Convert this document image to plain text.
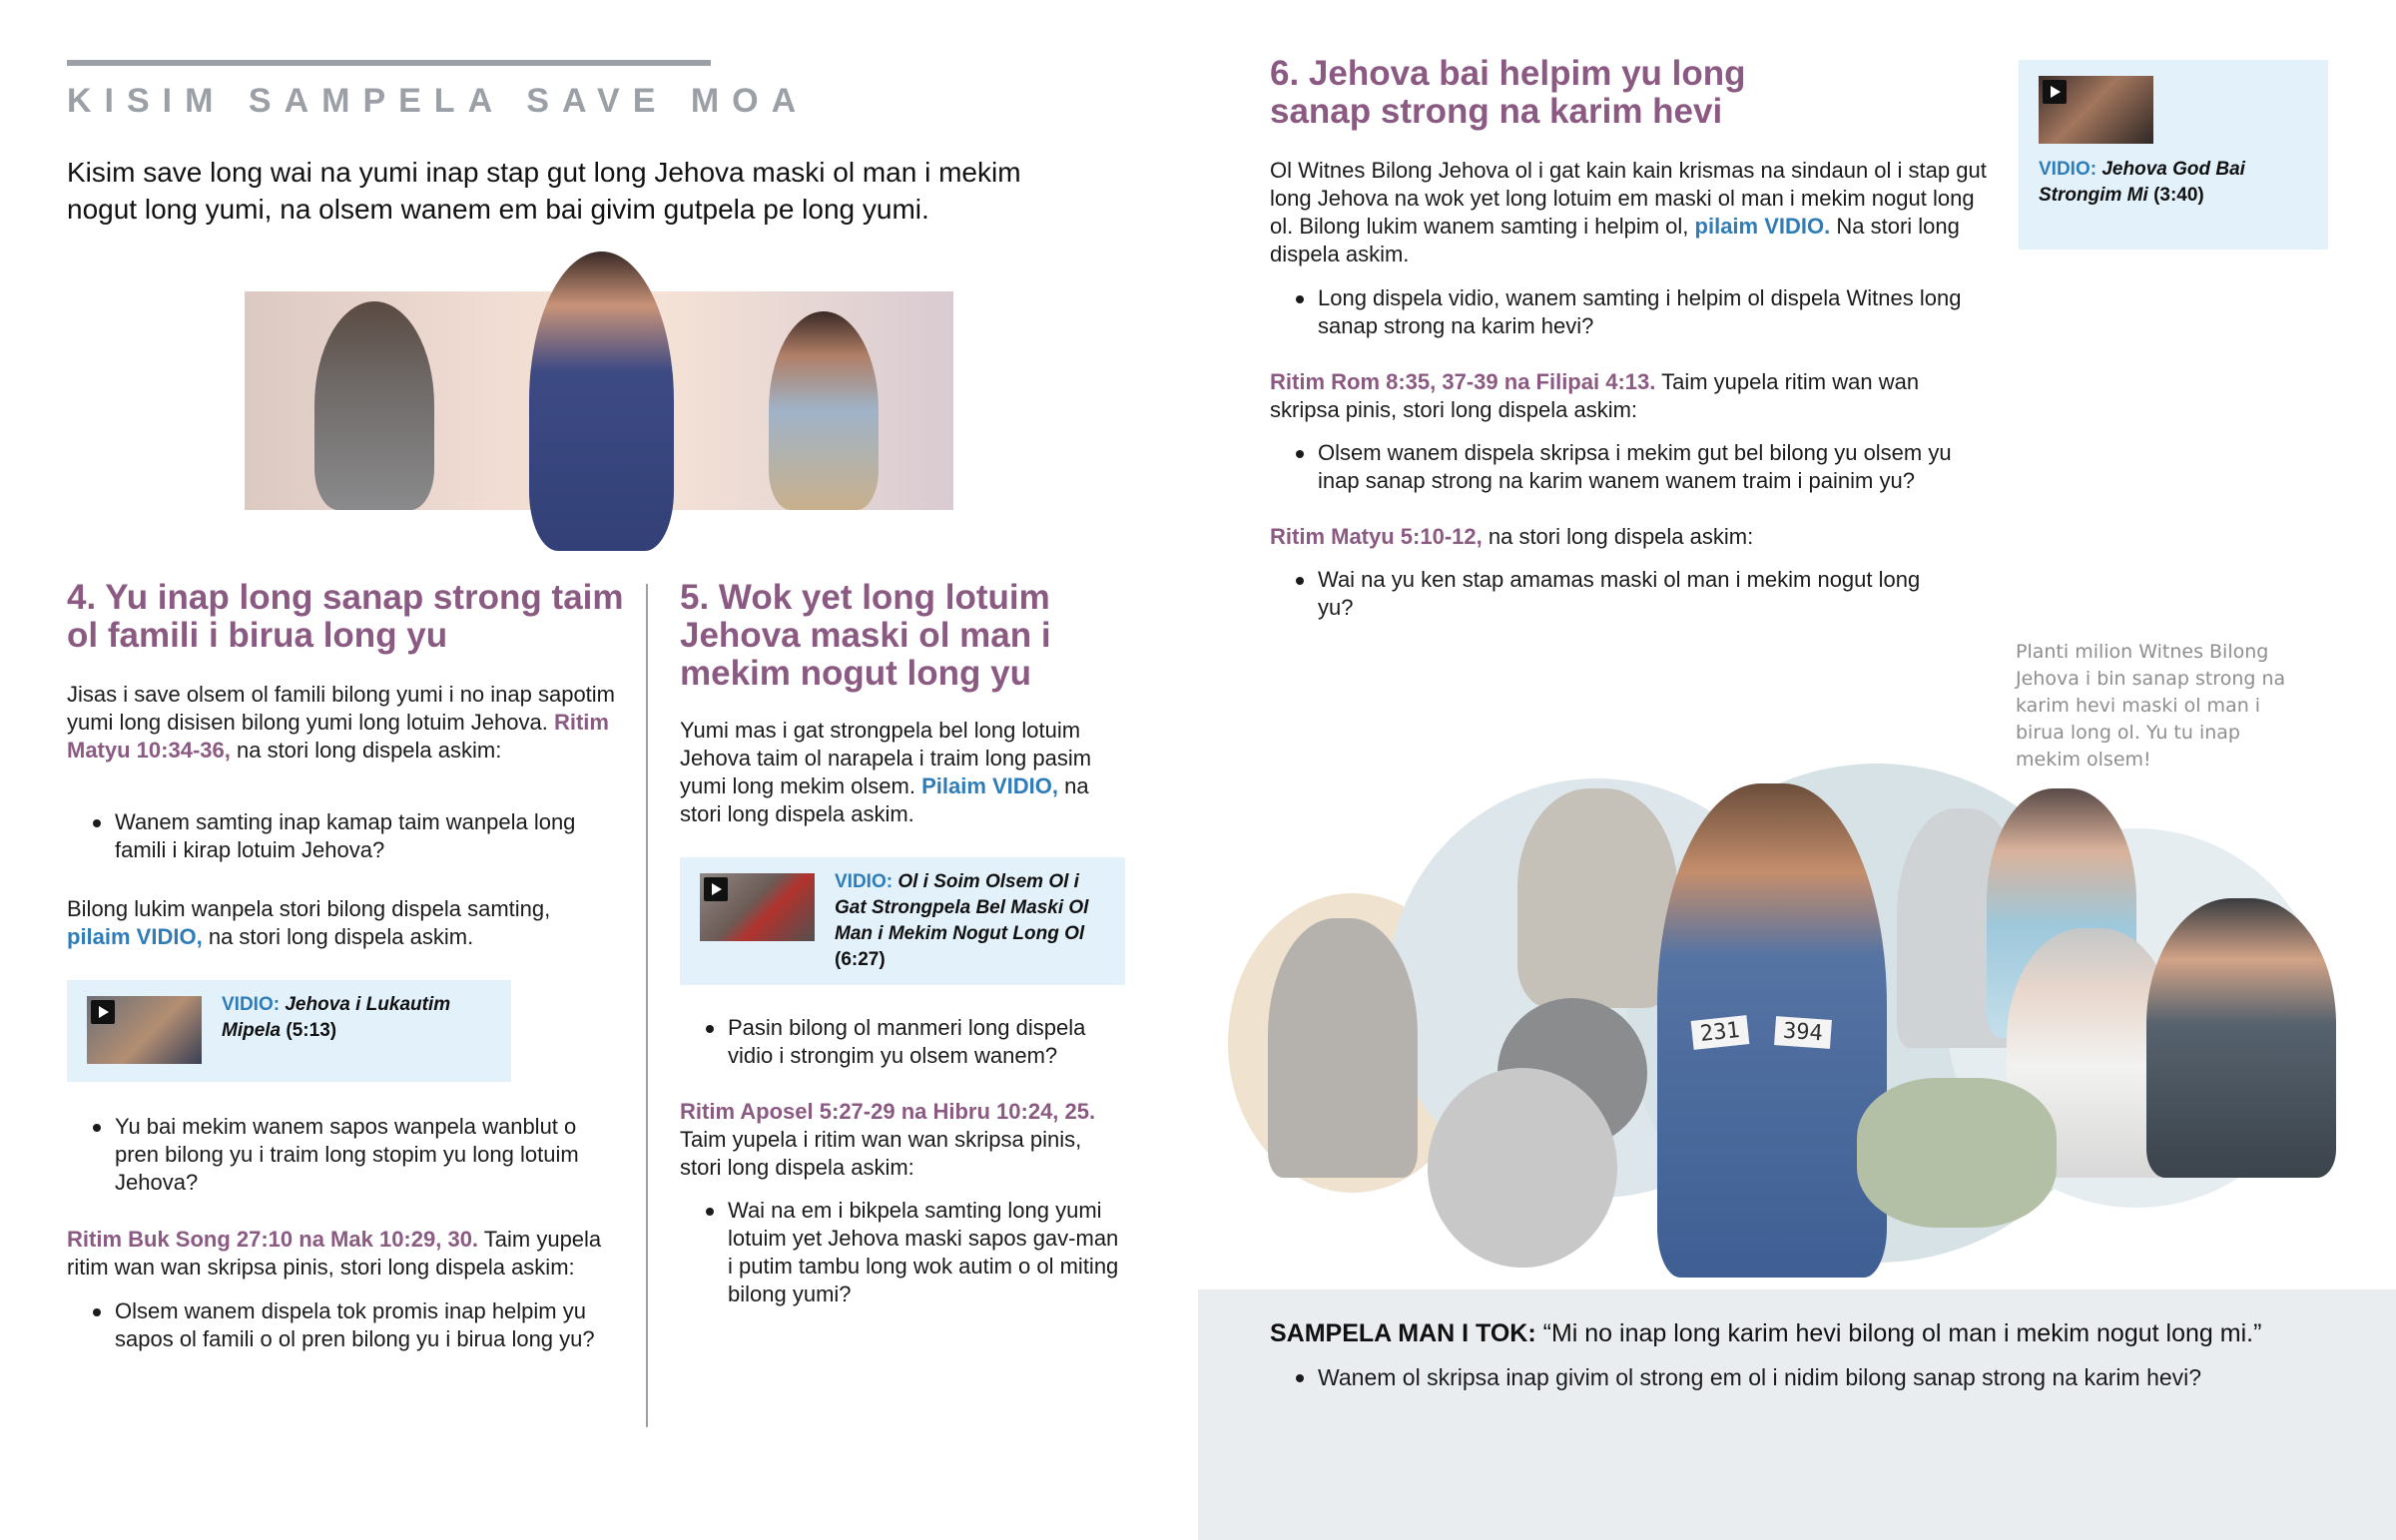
KISIM SAMPELA SAVE MOA
Kisim save long wai na yumi inap stap gut long Jehova maski ol man i mekim nogut long yumi, na olsem wanem em bai givim gutpela pe long yumi.
4. Yu inap long sanap strong taim ol famili i birua long yu
Jisas i save olsem ol famili bilong yumi i no inap sapotim yumi long disisen bilong yumi long lotuim Jehova. Ritim Matyu 10:34-36, na stori long dispela askim:
Wanem samting inap kamap taim wanpela long famili i kirap lotuim Jehova?
Bilong lukim wanpela stori bilong dispela samting,
pilaim VIDIO, na stori long dispela askim.
VIDIO: Jehova i Lukautim Mipela (5:13)
Yu bai mekim wanem sapos wanpela wanblut o pren bilong yu i traim long stopim yu long lotuim Jehova?
Ritim Buk Song 27:10 na Mak 10:29, 30. Taim yupela ritim wan wan skripsa pinis, stori long dispela askim:
Olsem wanem dispela tok promis inap helpim yu sapos ol famili o ol pren bilong yu i birua long yu?
5. Wok yet long lotuim Jehova maski ol man i mekim nogut long yu
Yumi mas i gat strongpela bel long lotuim Jehova taim ol narapela i traim long pasim yumi long mekim olsem. Pilaim VIDIO, na stori long dispela askim.
VIDIO: Ol i Soim Olsem Ol i Gat Strongpela Bel Maski Ol Man i Mekim Nogut Long Ol (6:27)
Pasin bilong ol manmeri long dispela vidio i strongim yu olsem wanem?
Ritim Aposel 5:27-29 na Hibru 10:24, 25.
Taim yupela i ritim wan wan skripsa pinis, stori long dispela askim:
Wai na em i bikpela samting long yumi lotuim yet Jehova maski sapos gav-man i putim tambu long wok autim o ol miting bilong yumi?
6. Jehova bai helpim yu long sanap strong na karim hevi
Ol Witnes Bilong Jehova ol i gat kain kain krismas na sindaun ol i stap gut long Jehova na wok yet long lotuim em maski ol man i mekim nogut long ol. Bilong lukim wanem samting i helpim ol, pilaim VIDIO. Na stori long dispela askim.
VIDIO: Jehova God Bai Strongim Mi (3:40)
Long dispela vidio, wanem samting i helpim ol dispela Witnes long sanap strong na karim hevi?
Ritim Rom 8:35, 37-39 na Filipai 4:13. Taim yupela ritim wan wan skripsa pinis, stori long dispela askim:
Olsem wanem dispela skripsa i mekim gut bel bilong yu olsem yu inap sanap strong na karim wanem wanem traim i painim yu?
Ritim Matyu 5:10-12, na stori long dispela askim:
Wai na yu ken stap amamas maski ol man i mekim nogut long yu?
Planti milion Witnes Bilong Jehova i bin sanap strong na karim hevi maski ol man i birua long ol. Yu tu inap mekim olsem!
231	394
SAMPELA MAN I TOK: “Mi no inap long karim hevi bilong ol man i mekim nogut long mi.”
Wanem ol skripsa inap givim ol strong em ol i nidim bilong sanap strong na karim hevi?
